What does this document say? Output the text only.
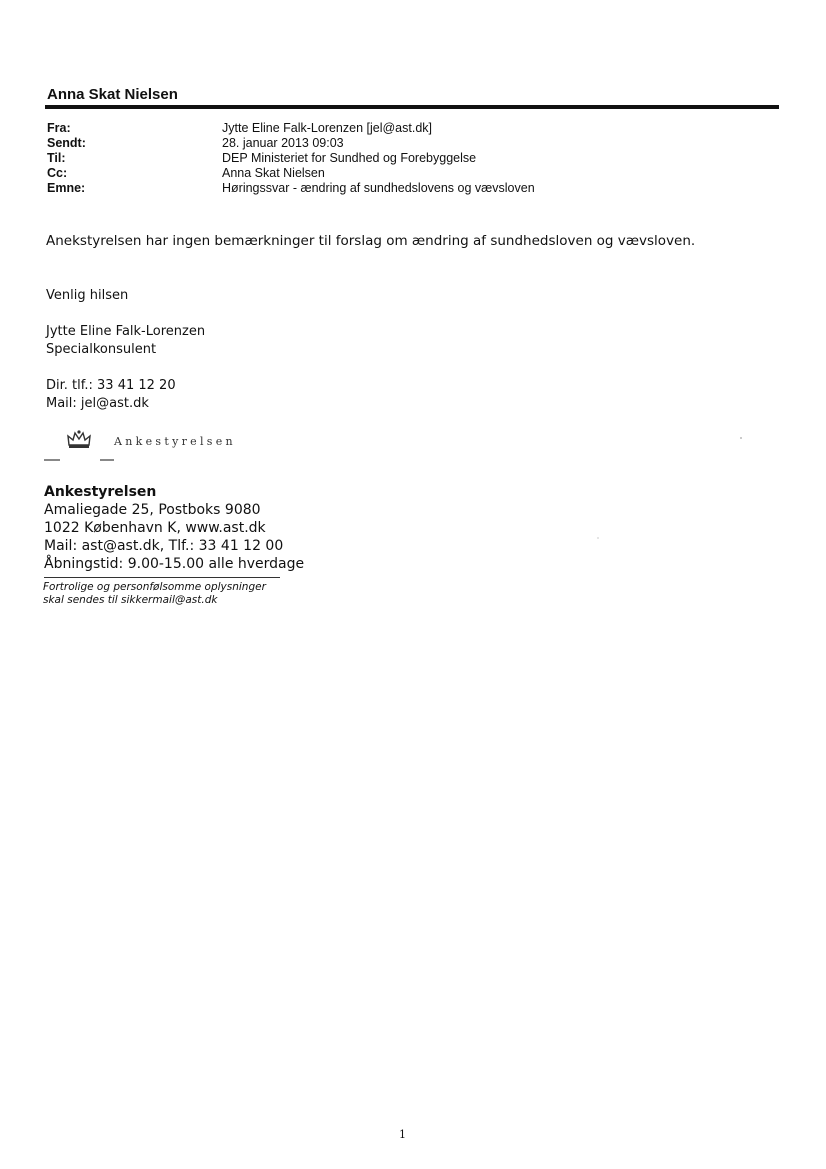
Anna Skat Nielsen
Fra:	Jytte Eline Falk-Lorenzen [jel@ast.dk]
Sendt:	28. januar 2013 09:03
Til:	DEP Ministeriet for Sundhed og Forebyggelse
Cc:	Anna Skat Nielsen
Emne:	Høringssvar - ændring af sundhedslovens og vævsloven
Anekstyrelsen har ingen bemærkninger til forslag om ændring af sundhedsloven og vævsloven.
Venlig hilsen
Jytte Eline Falk-Lorenzen
Specialkonsulent
Dir. tlf.: 33 41 12 20
Mail: jel@ast.dk
Ankestyrelsen
Ankestyrelsen
Amaliegade 25, Postboks 9080
1022 København K, www.ast.dk
Mail: ast@ast.dk, Tlf.: 33 41 12 00
Åbningstid: 9.00-15.00 alle hverdage
Fortrolige og personfølsomme oplysninger
skal sendes til sikkermail@ast.dk
1
